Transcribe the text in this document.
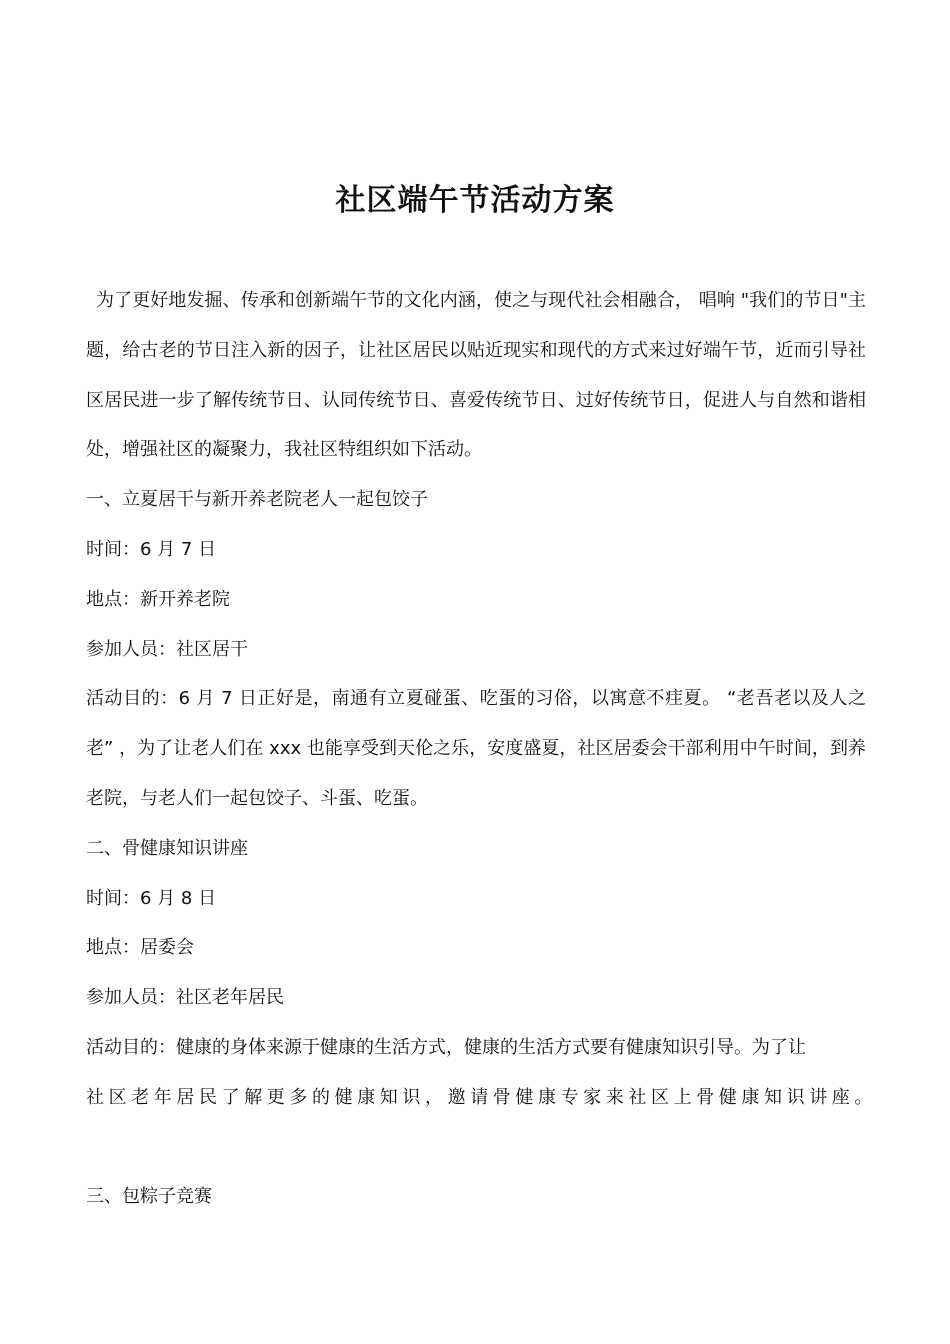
社区端午节活动方案

为了更好地发掘、传承和创新端午节的文化内涵，使之与现代社会相融合， 唱响 "我们的节日"主题，给古老的节日注入新的因子，让社区居民以贴近现实和现代的方式来过好端午节，近而引导社区居民进一步了解传统节日、认同传统节日、喜爱传统节日、过好传统节日，促进人与自然和谐相处，增强社区的凝聚力，我社区特组织如下活动。

一、立夏居干与新开养老院老人一起包饺子

时间：6 月 7 日

地点：新开养老院

参加人员：社区居干

活动目的：6 月 7 日正好是，南通有立夏碰蛋、吃蛋的习俗，以寓意不疰夏。 “老吾老以及人之老” ，为了让老人们在 xxx 也能享受到天伦之乐，安度盛夏，社区居委会干部利用中午时间，到养老院，与老人们一起包饺子、斗蛋、吃蛋。

二、骨健康知识讲座

时间：6 月 8 日

地点：居委会

参加人员：社区老年居民

活动目的：健康的身体来源于健康的生活方式，健康的生活方式要有健康知识引导。为了让

社区老年居民了解更多的健康知识，邀请骨健康专家来社区上骨健康知识讲座。

三、包粽子竞赛
